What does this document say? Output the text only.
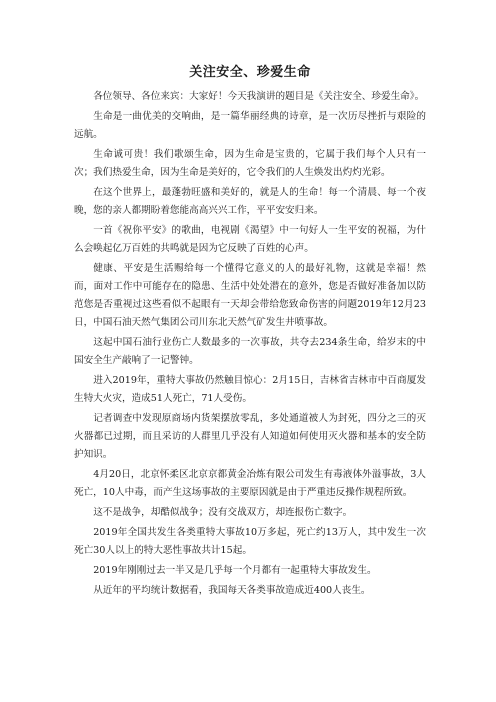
关注安全、珍爱生命

各位领导、各位来宾：大家好！今天我演讲的题目是《关注安全、珍爱生命》。

生命是一曲优美的交响曲，是一篇华丽经典的诗章，是一次历尽挫折与艰险的远航。

生命诚可贵！我们歌颂生命，因为生命是宝贵的，它属于我们每个人只有一次；我们热爱生命，因为生命是美好的，它令我们的人生焕发出灼灼光彩。

在这个世界上，最蓬勃旺盛和美好的，就是人的生命！每一个清晨、每一个夜晚，您的亲人都期盼着您能高高兴兴工作，平平安安归来。

一首《祝你平安》的歌曲，电视剧《渴望》中一句好人一生平安的祝福，为什么会唤起亿万百姓的共鸣就是因为它反映了百姓的心声。

健康、平安是生活赐给每一个懂得它意义的人的最好礼物，这就是幸福！然而，面对工作中可能存在的隐患、生活中处处潜在的意外，您是否做好准备加以防范您是否重视过这些看似不起眼有一天却会带给您致命伤害的问题2019年12月23日，中国石油天然气集团公司川东北天然气矿发生井喷事故。

这起中国石油行业伤亡人数最多的一次事故，共夺去234条生命，给岁末的中国安全生产敲响了一记警钟。

进入2019年，重特大事故仍然触目惊心：2月15日，吉林省吉林市中百商厦发生特大火灾，造成51人死亡，71人受伤。

记者调查中发现原商场内货架摆放零乱，多处通道被人为封死，四分之三的灭火器都已过期，而且采访的人群里几乎没有人知道如何使用灭火器和基本的安全防护知识。

4月20日，北京怀柔区北京京都黄金冶炼有限公司发生有毒液体外溢事故，3人死亡，10人中毒，而产生这场事故的主要原因就是由于严重违反操作规程所致。

这不是战争，却酷似战争；没有交战双方，却连报伤亡数字。

2019年全国共发生各类重特大事故10万多起，死亡约13万人，其中发生一次死亡30人以上的特大恶性事故共计15起。

2019年刚刚过去一半又是几乎每一个月都有一起重特大事故发生。

从近年的平均统计数据看，我国每天各类事故造成近400人丧生。
